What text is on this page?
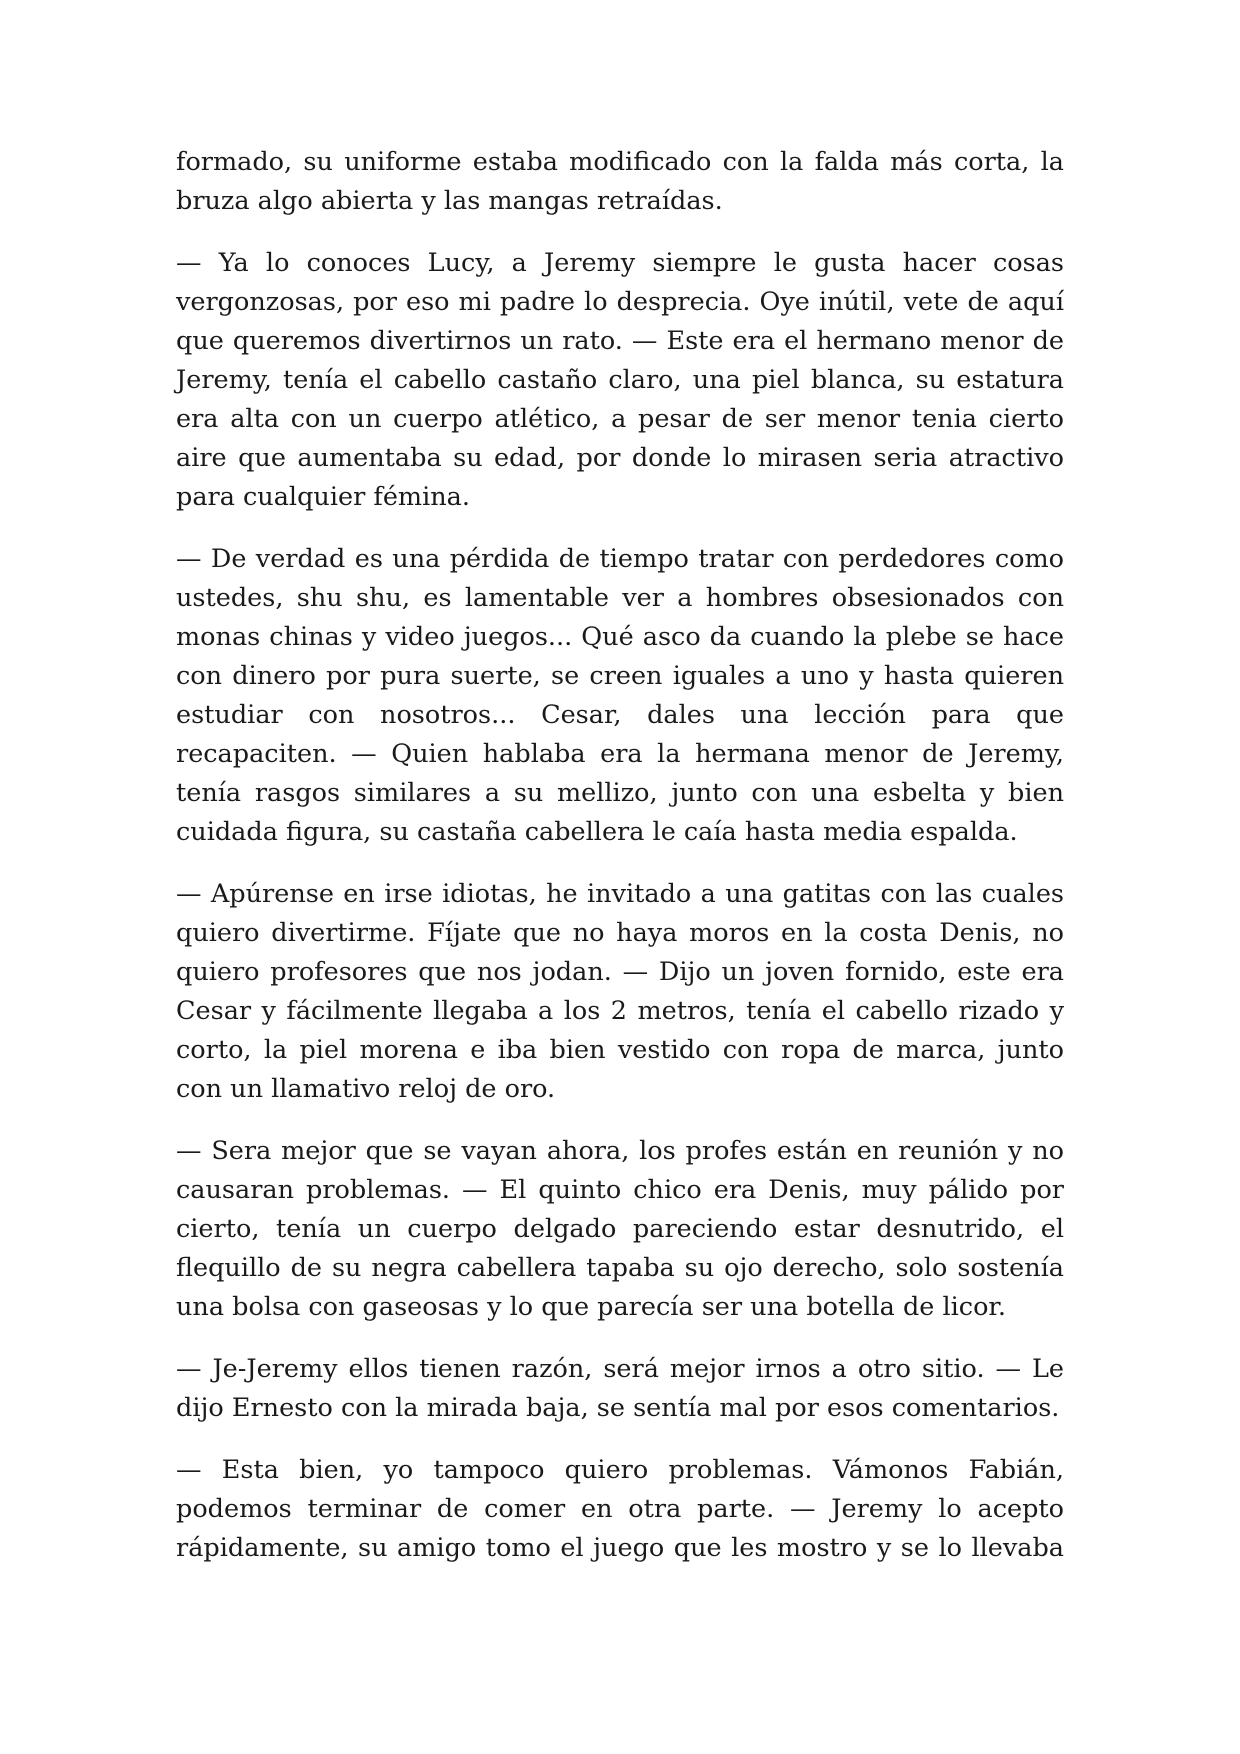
formado, su uniforme estaba modificado con la falda más corta, la bruza algo abierta y las mangas retraídas.

— Ya lo conoces Lucy, a Jeremy siempre le gusta hacer cosas vergonzosas, por eso mi padre lo desprecia. Oye inútil, vete de aquí que queremos divertirnos un rato. — Este era el hermano menor de Jeremy, tenía el cabello castaño claro, una piel blanca, su estatura era alta con un cuerpo atlético, a pesar de ser menor tenia cierto aire que aumentaba su edad, por donde lo mirasen seria atractivo para cualquier fémina.

— De verdad es una pérdida de tiempo tratar con perdedores como ustedes, shu shu, es lamentable ver a hombres obsesionados con monas chinas y video juegos... Qué asco da cuando la plebe se hace con dinero por pura suerte, se creen iguales a uno y hasta quieren estudiar con nosotros... Cesar, dales una lección para que recapaciten. — Quien hablaba era la hermana menor de Jeremy, tenía rasgos similares a su mellizo, junto con una esbelta y bien cuidada figura, su castaña cabellera le caía hasta media espalda.

— Apúrense en irse idiotas, he invitado a una gatitas con las cuales quiero divertirme. Fíjate que no haya moros en la costa Denis, no quiero profesores que nos jodan. — Dijo un joven fornido, este era Cesar y fácilmente llegaba a los 2 metros, tenía el cabello rizado y corto, la piel morena e iba bien vestido con ropa de marca, junto con un llamativo reloj de oro.

— Sera mejor que se vayan ahora, los profes están en reunión y no causaran problemas. — El quinto chico era Denis, muy pálido por cierto, tenía un cuerpo delgado pareciendo estar desnutrido, el flequillo de su negra cabellera tapaba su ojo derecho, solo sostenía una bolsa con gaseosas y lo que parecía ser una botella de licor.

— Je-Jeremy ellos tienen razón, será mejor irnos a otro sitio. — Le dijo Ernesto con la mirada baja, se sentía mal por esos comentarios.

— Esta bien, yo tampoco quiero problemas. Vámonos Fabián, podemos terminar de comer en otra parte. — Jeremy lo acepto rápidamente, su amigo tomo el juego que les mostro y se lo llevaba
